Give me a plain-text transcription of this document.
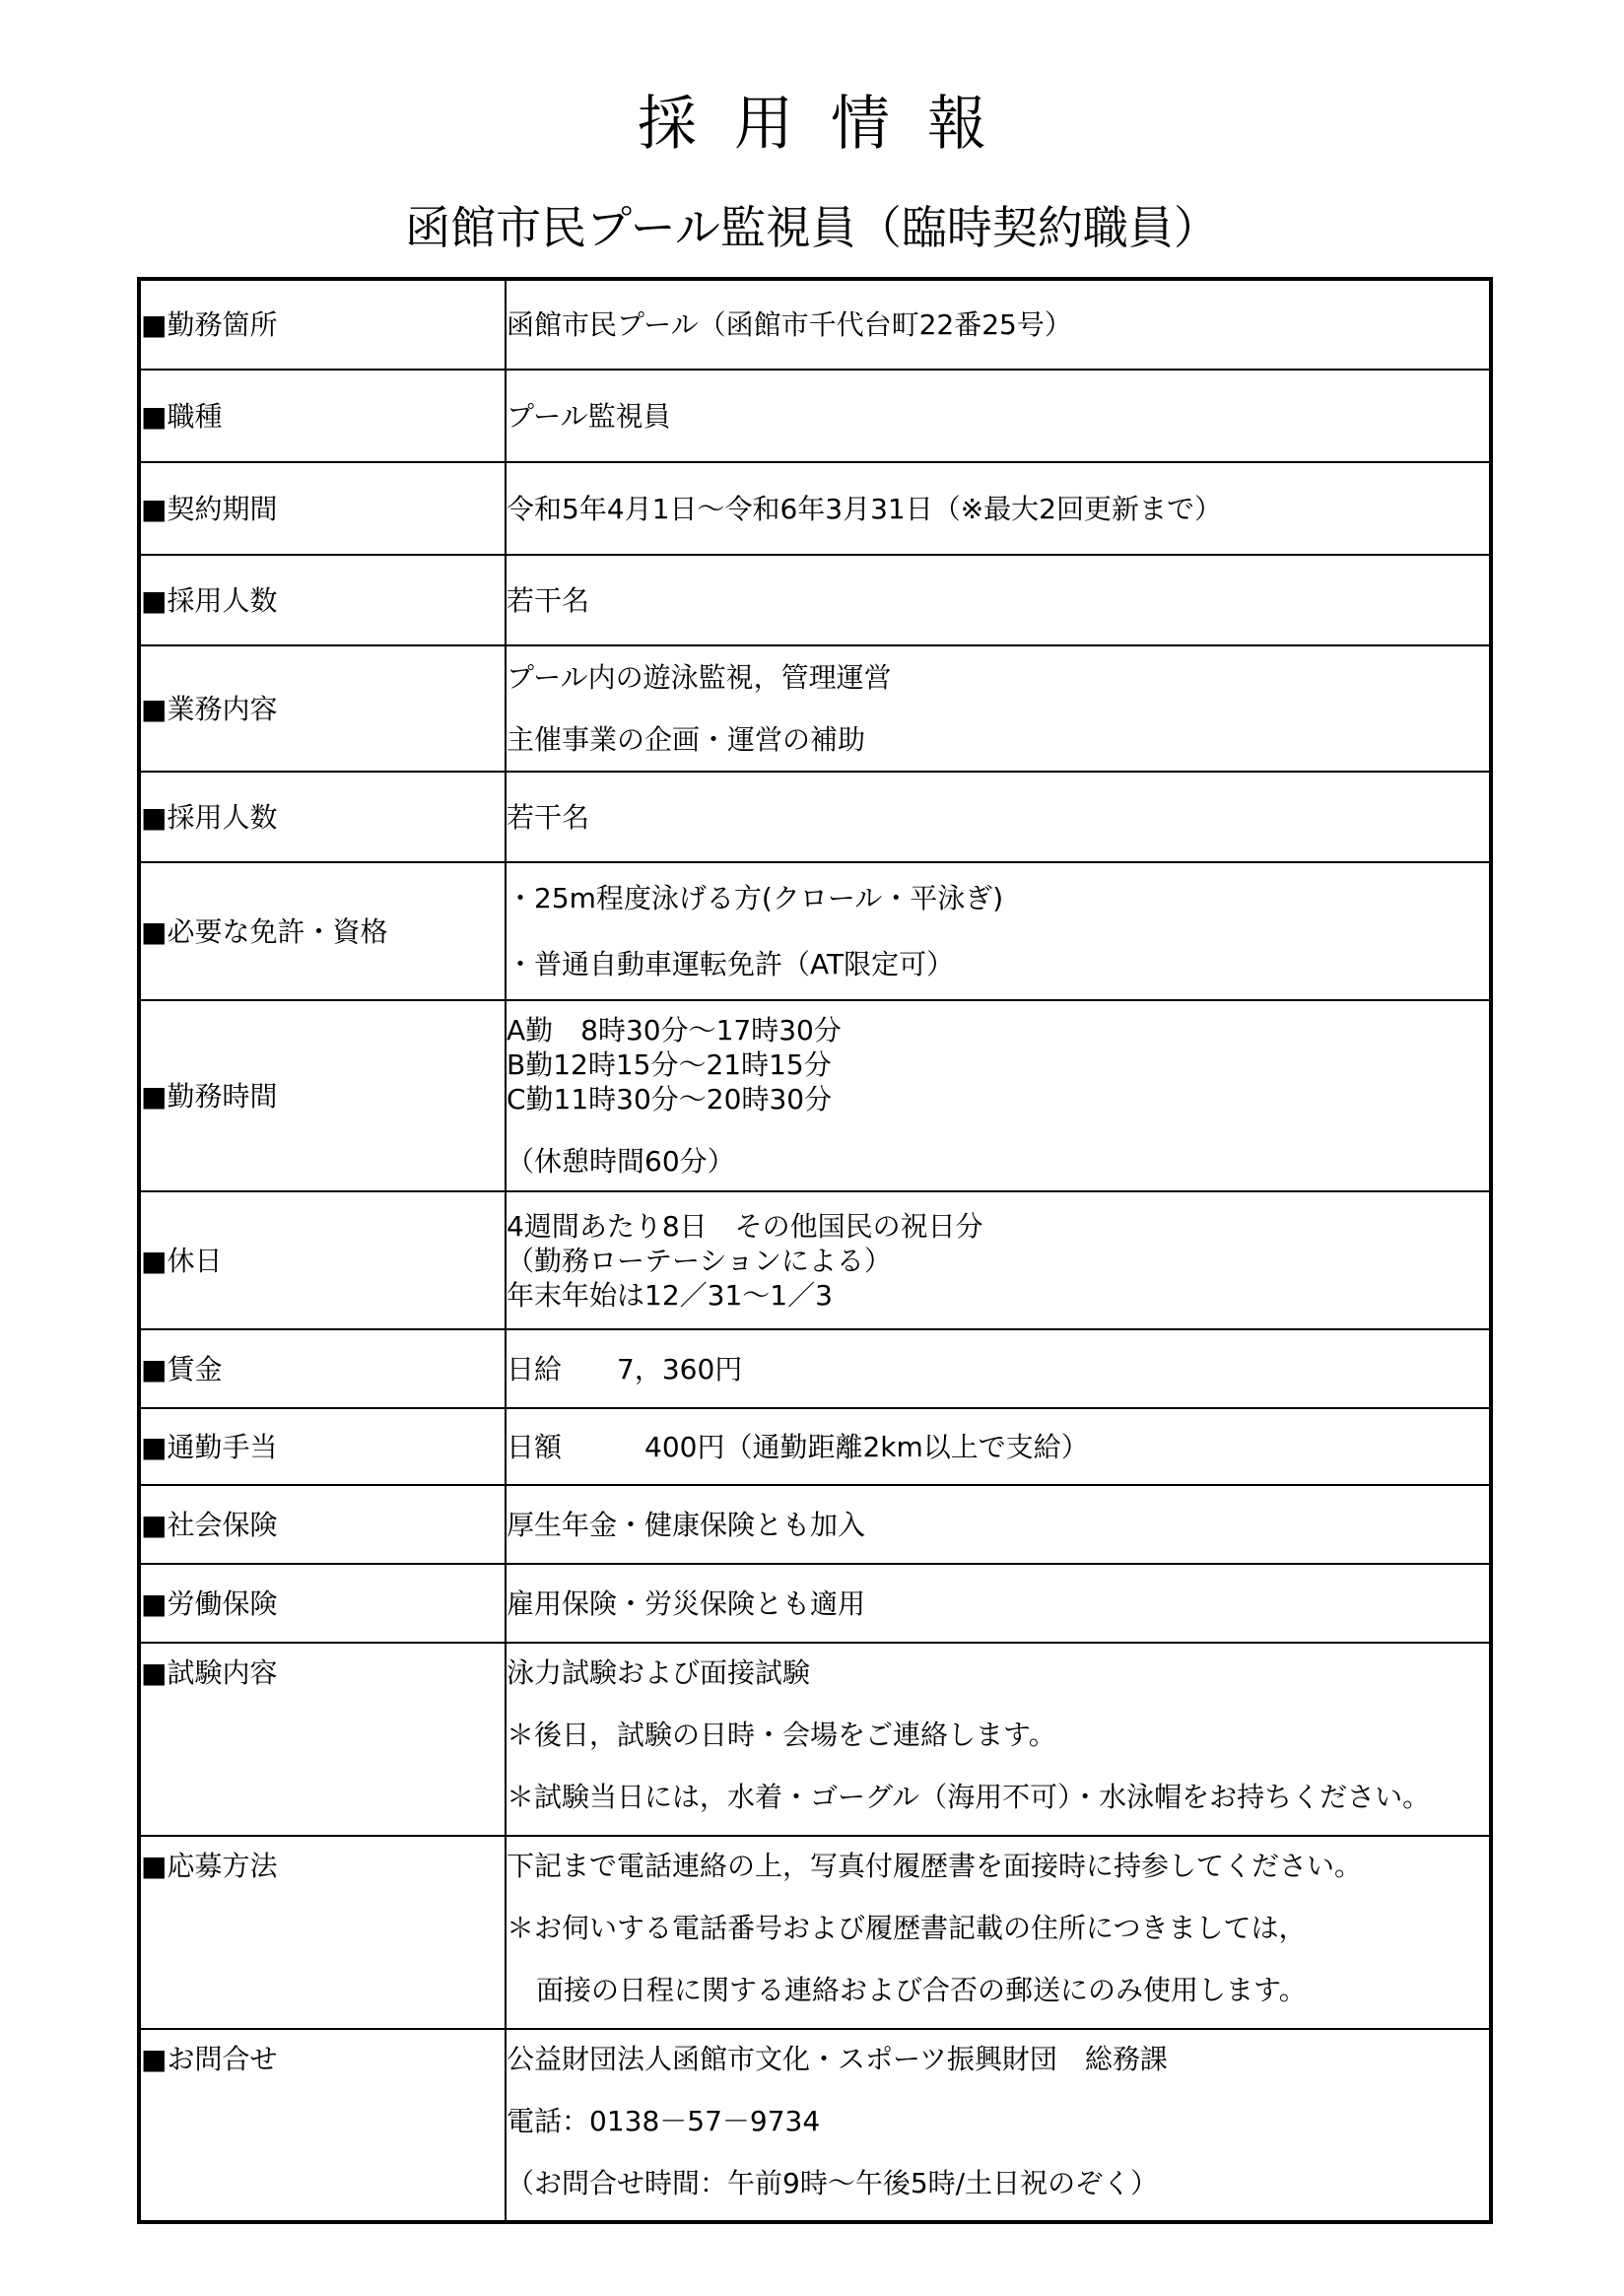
採用情報
函館市民プール監視員（臨時契約職員）
■勤務箇所	函館市民プール（函館市千代台町22番25号）

■職種	プール監視員

■契約期間	令和5年4月1日～令和6年3月31日（※最大2回更新まで）

■採用人数	若干名

■業務内容	プール内の遊泳監視，管理運営
主催事業の企画・運営の補助

■採用人数	若干名

■必要な免許・資格	・25m程度泳げる方(クロール・平泳ぎ)
・普通自動車運転免許（AT限定可）

■勤務時間	A勤　8時30分～17時30分
B勤12時15分～21時15分
C勤11時30分～20時30分
（休憩時間60分）

■休日	4週間あたり8日　その他国民の祝日分
（勤務ローテーションによる）
年末年始は12／31～1／3

■賃金	日給　　7，360円

■通勤手当	日額　　　400円（通勤距離2km以上で支給）

■社会保険	厚生年金・健康保険とも加入

■労働保険	雇用保険・労災保険とも適用

■試験内容	泳力試験および面接試験
＊後日，試験の日時・会場をご連絡します。
＊試験当日には，水着・ゴーグル（海用不可）・水泳帽をお持ちください。

■応募方法	下記まで電話連絡の上，写真付履歴書を面接時に持参してください。
＊お伺いする電話番号および履歴書記載の住所につきましては，
面接の日程に関する連絡および合否の郵送にのみ使用します。

■お問合せ	公益財団法人函館市文化・スポーツ振興財団　総務課
電話：0138－57－9734
（お問合せ時間：午前9時～午後5時/土日祝のぞく）
